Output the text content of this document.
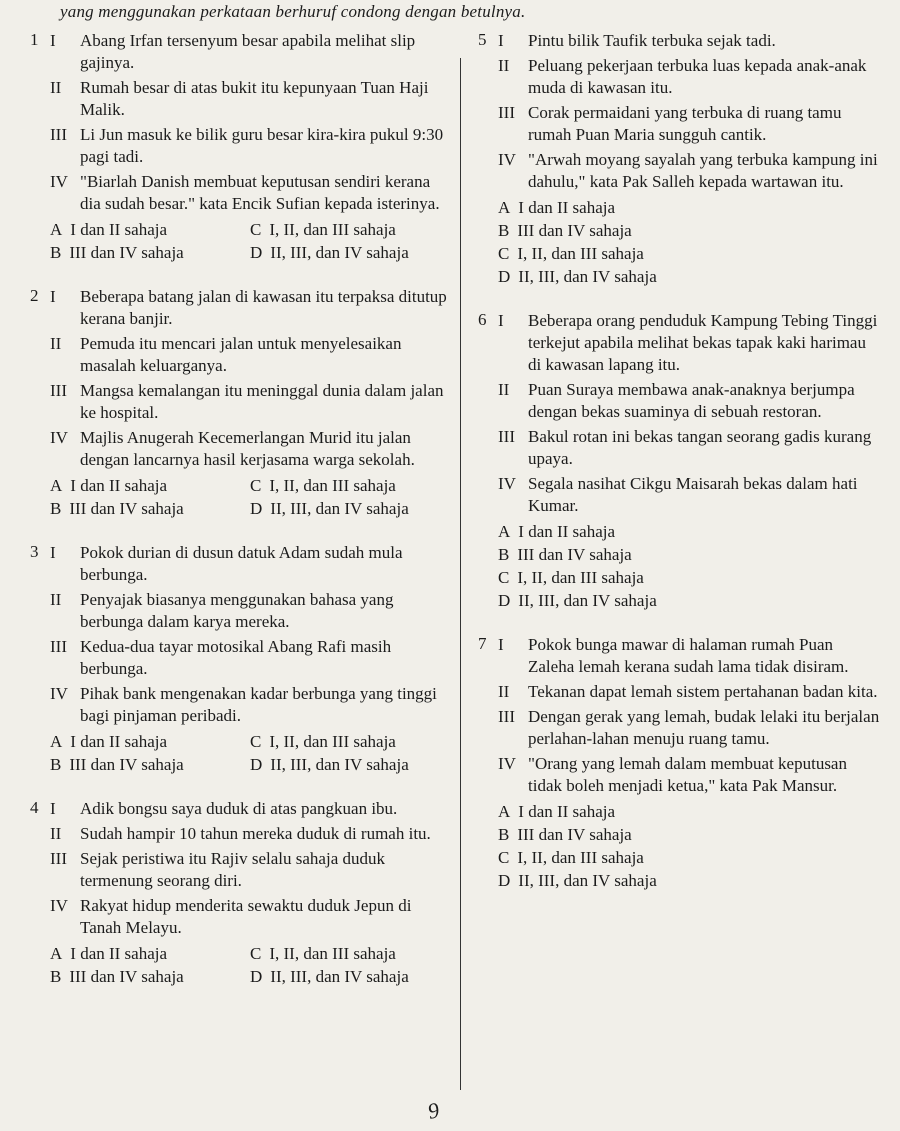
yang menggunakan perkataan berhuruf condong dengan betulnya.
1 I	Abang Irfan tersenyum besar apabila melihat slip gajinya.
II	Rumah besar di atas bukit itu kepunyaan Tuan Haji Malik.
III Li Jun masuk ke bilik guru besar kira-kira pukul 9:30 pagi tadi.
IV "Biarlah Danish membuat keputusan sendiri kerana dia sudah besar." kata Encik Sufian kepada isterinya.
A I dan II sahaja	C I, II, dan III sahaja
B III dan IV sahaja	D II, III, dan IV sahaja
2 I	Beberapa batang jalan di kawasan itu terpaksa ditutup kerana banjir.
II	Pemuda itu mencari jalan untuk menyelesaikan masalah keluarganya.
III Mangsa kemalangan itu meninggal dunia dalam jalan ke hospital.
IV Majlis Anugerah Kecemerlangan Murid itu jalan dengan lancarnya hasil kerjasama warga sekolah.
A I dan II sahaja	C I, II, dan III sahaja
B III dan IV sahaja	D II, III, dan IV sahaja
3 I	Pokok durian di dusun datuk Adam sudah mula berbunga.
II	Penyajak biasanya menggunakan bahasa yang berbunga dalam karya mereka.
III Kedua-dua tayar motosikal Abang Rafi masih berbunga.
IV Pihak bank mengenakan kadar berbunga yang tinggi bagi pinjaman peribadi.
A I dan II sahaja	C I, II, dan III sahaja
B III dan IV sahaja	D II, III, dan IV sahaja
4 I	Adik bongsu saya duduk di atas pangkuan ibu.
II	Sudah hampir 10 tahun mereka duduk di rumah itu.
III Sejak peristiwa itu Rajiv selalu sahaja duduk termenung seorang diri.
IV Rakyat hidup menderita sewaktu duduk Jepun di Tanah Melayu.
A I dan II sahaja	C I, II, dan III sahaja
B III dan IV sahaja	D II, III, dan IV sahaja
5 I	Pintu bilik Taufik terbuka sejak tadi.
II	Peluang pekerjaan terbuka luas kepada anak-anak muda di kawasan itu.
III Corak permaidani yang terbuka di ruang tamu rumah Puan Maria sungguh cantik.
IV "Arwah moyang sayalah yang terbuka kampung ini dahulu," kata Pak Salleh kepada wartawan itu.
A I dan II sahaja
B III dan IV sahaja
C I, II, dan III sahaja
D II, III, dan IV sahaja
6 I	Beberapa orang penduduk Kampung Tebing Tinggi terkejut apabila melihat bekas tapak kaki harimau di kawasan lapang itu.
II	Puan Suraya membawa anak-anaknya berjumpa dengan bekas suaminya di sebuah restoran.
III Bakul rotan ini bekas tangan seorang gadis kurang upaya.
IV Segala nasihat Cikgu Maisarah bekas dalam hati Kumar.
A I dan II sahaja
B III dan IV sahaja
C I, II, dan III sahaja
D II, III, dan IV sahaja
7 I	Pokok bunga mawar di halaman rumah Puan Zaleha lemah kerana sudah lama tidak disiram.
II	Tekanan dapat lemah sistem pertahanan badan kita.
III Dengan gerak yang lemah, budak lelaki itu berjalan perlahan-lahan menuju ruang tamu.
IV "Orang yang lemah dalam membuat keputusan tidak boleh menjadi ketua," kata Pak Mansur.
A I dan II sahaja
B III dan IV sahaja
C I, II, dan III sahaja
D II, III, dan IV sahaja
9
